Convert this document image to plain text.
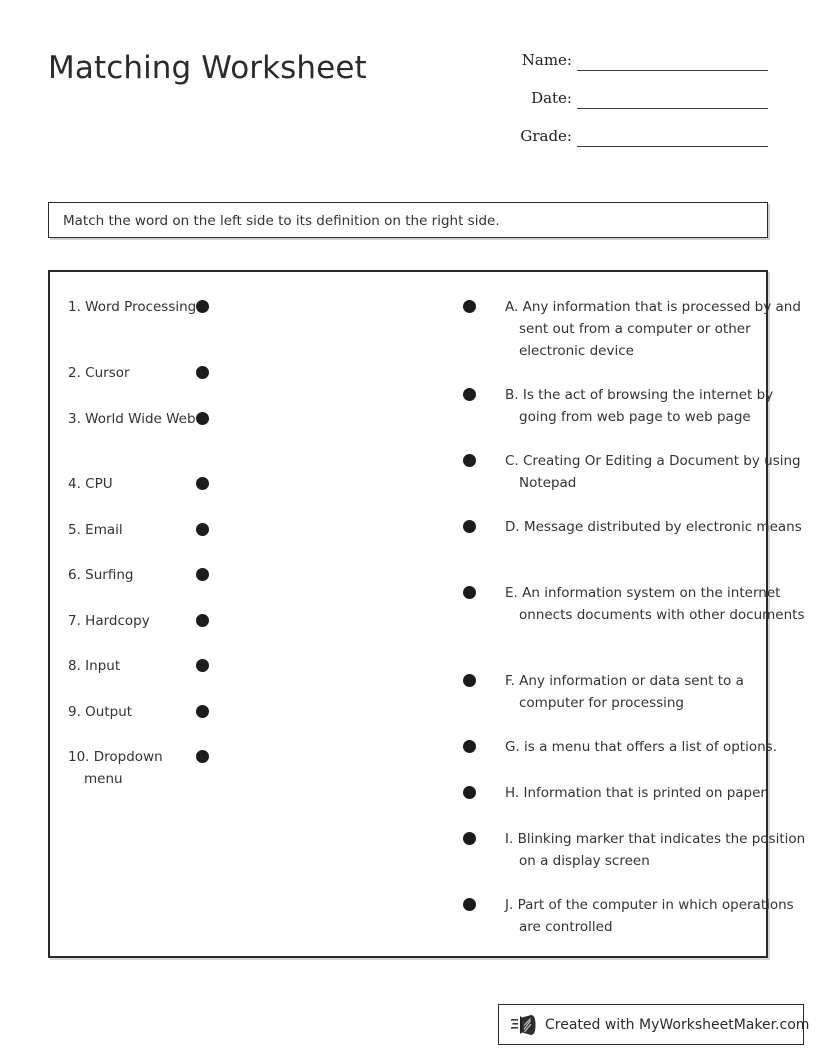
Matching Worksheet	Name:
Date:
Grade:
Match the word on the left side to its definition on the right side.
1. Word Processing
2. Cursor
3. World Wide Web
4. CPU
5. Email
6. Surfing
7. Hardcopy
8. Input
9. Output
10. Dropdown menu
A. Any information that is processed by and sent out from a computer or other electronic device
B. Is the act of browsing the internet by going from web page to web page
C. Creating Or Editing a Document by using Notepad
D. Message distributed by electronic means
E. An information system on the internet onnects documents with other documents
F. Any information or data sent to a computer for processing
G. is a menu that offers a list of options.
H. Information that is printed on paper
I. Blinking marker that indicates the position on a display screen
J. Part of the computer in which operations are controlled
Created with MyWorksheetMaker.com
